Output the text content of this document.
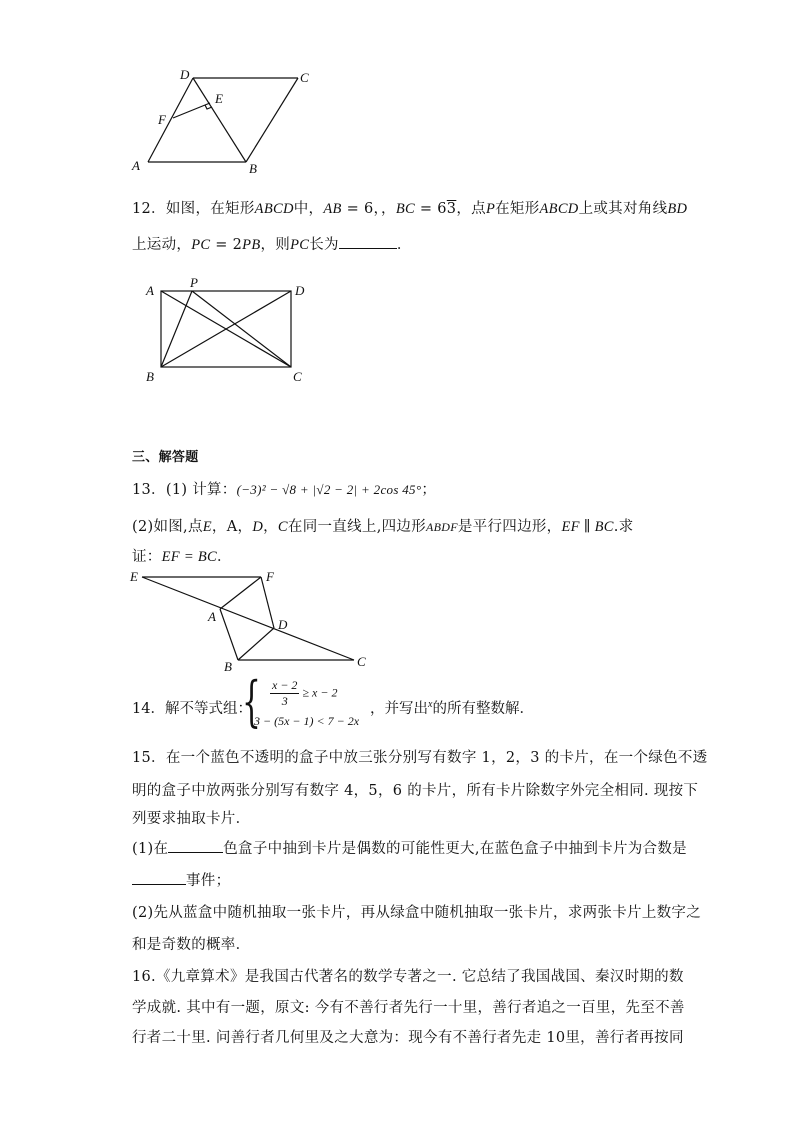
D	C
E
F
A	B
12．如图，在矩形ABCD中，AB = 6，，BC = 63，点P在矩形ABCD上或其对角线BD
上运动，PC = 2PB，则PC长为	．
A
P
D
B	C
三、解答题
13．(1) 计算：(−3)² − √8 + |√2 − 2| + 2cos 45°；
(2)如图,点E，A，D，C在同一直线上,四边形ABDF是平行四边形，EF ∥ BC.求
证：EF = BC．
E	F
A
D
B	C
14．解不等式组：
{ $\frac{x - 2}{3} \ge x - 2$
3 − (5x − 1) < 7 − 2x
，并写出$^x$的所有整数解．
15．在一个蓝色不透明的盒子中放三张分别写有数字 1，2，3 的卡片，在一个绿色不透
明的盒子中放两张分别写有数字 4，5，6 的卡片，所有卡片除数字外完全相同. 现按下
列要求抽取卡片．
(1)在	色盒子中抽到卡片是偶数的可能性更大,在蓝色盒子中抽到卡片为合数是
事件；
(2)先从蓝盒中随机抽取一张卡片，再从绿盒中随机抽取一张卡片，求两张卡片上数字之
和是奇数的概率．
16.《九章算术》是我国古代著名的数学专著之一. 它总结了我国战国、秦汉时期的数
学成就. 其中有一题，原文: 今有不善行者先行一十里，善行者追之一百里，先至不善
行者二十里. 问善行者几何里及之大意为：现今有不善行者先走 10里，善行者再按同
